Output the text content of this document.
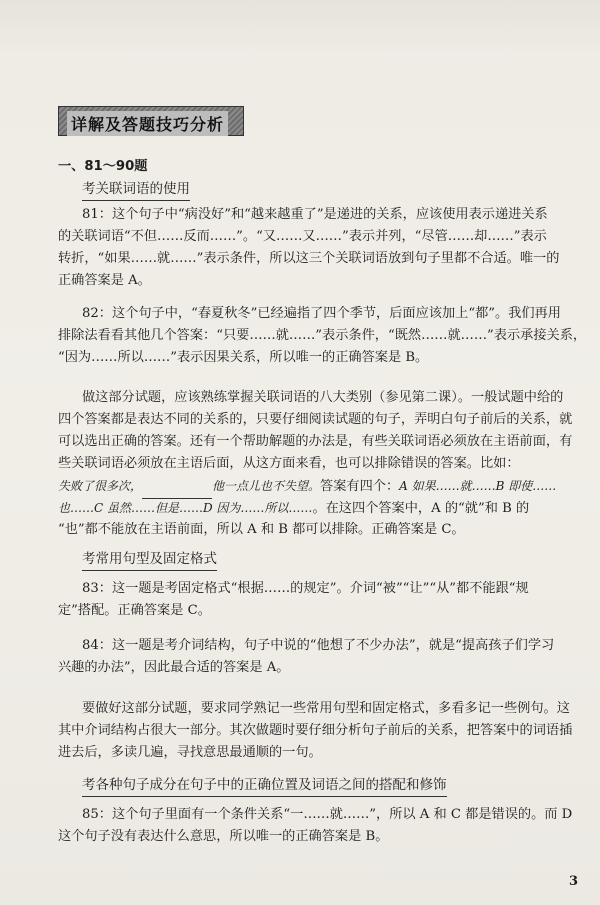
详解及答题技巧分析
一、81～90题
考关联词语的使用
81：这个句子中“病没好”和“越来越重了”是递进的关系，应该使用表示递进关系
的关联词语“不但……反而……”。“又……又……”表示并列，“尽管……却……”表示
转折，“如果……就……”表示条件，所以这三个关联词语放到句子里都不合适。唯一的
正确答案是 A。
82：这个句子中，“春夏秋冬”已经遍指了四个季节，后面应该加上“都”。我们再用
排除法看看其他几个答案：“只要……就……”表示条件，“既然……就……”表示承接关系，
“因为……所以……”表示因果关系，所以唯一的正确答案是 B。
做这部分试题，应该熟练掌握关联词语的八大类别（参见第二课）。一般试题中给的
四个答案都是表达不同的关系的，只要仔细阅读试题的句子，弄明白句子前后的关系，就
可以选出正确的答案。还有一个帮助解题的办法是，有些关联词语必须放在主语前面，有
些关联词语必须放在主语后面，从这方面来看，也可以排除错误的答案。比如：
失败了很多次，	他一点儿也不失望。答案有四个：A 如果……就……B 即使……
也……C 虽然……但是……D 因为……所以……。在这四个答案中，A 的“就”和 B 的
“也”都不能放在主语前面，所以 A 和 B 都可以排除。正确答案是 C。
考常用句型及固定格式
83：这一题是考固定格式“根据……的规定”。介词“被”“让”“从”都不能跟“规
定”搭配。正确答案是 C。
84：这一题是考介词结构，句子中说的“他想了不少办法”，就是“提高孩子们学习
兴趣的办法”，因此最合适的答案是 A。
要做好这部分试题，要求同学熟记一些常用句型和固定格式，多看多记一些例句。这
其中介词结构占很大一部分。其次做题时要仔细分析句子前后的关系，把答案中的词语插
进去后，多读几遍，寻找意思最通顺的一句。
考各种句子成分在句子中的正确位置及词语之间的搭配和修饰
85：这个句子里面有一个条件关系“一……就……”，所以 A 和 C 都是错误的。而 D
这个句子没有表达什么意思，所以唯一的正确答案是 B。
3
